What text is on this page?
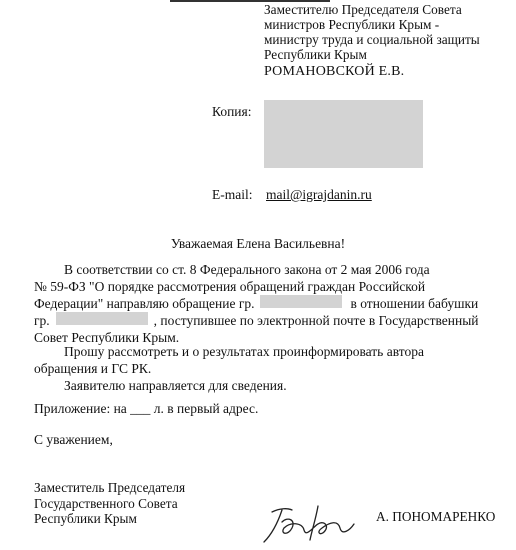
Заместителю Председателя Совета
министров Республики Крым -
министру труда и социальной защиты
Республики Крым
РОМАНОВСКОЙ Е.В.
Копия:
E-mail: mail@igrajdanin.ru
Уважаемая Елена Васильевна!
В соответствии со ст. 8 Федерального закона от 2 мая 2006 года
№ 59-ФЗ "О порядке рассмотрения обращений граждан Российской
Федерации" направляю обращение гр.	в отношении бабушки
гр.	, поступившее по электронной почте в Государственный
Совет Республики Крым.
Прошу рассмотреть и о результатах проинформировать автора
обращения и ГС РК.
Заявителю направляется для сведения.
Приложение: на ___ л. в первый адрес.
С уважением,
Заместитель Председателя
Государственного Совета
Республики Крым	А. ПОНОМАРЕНКО
